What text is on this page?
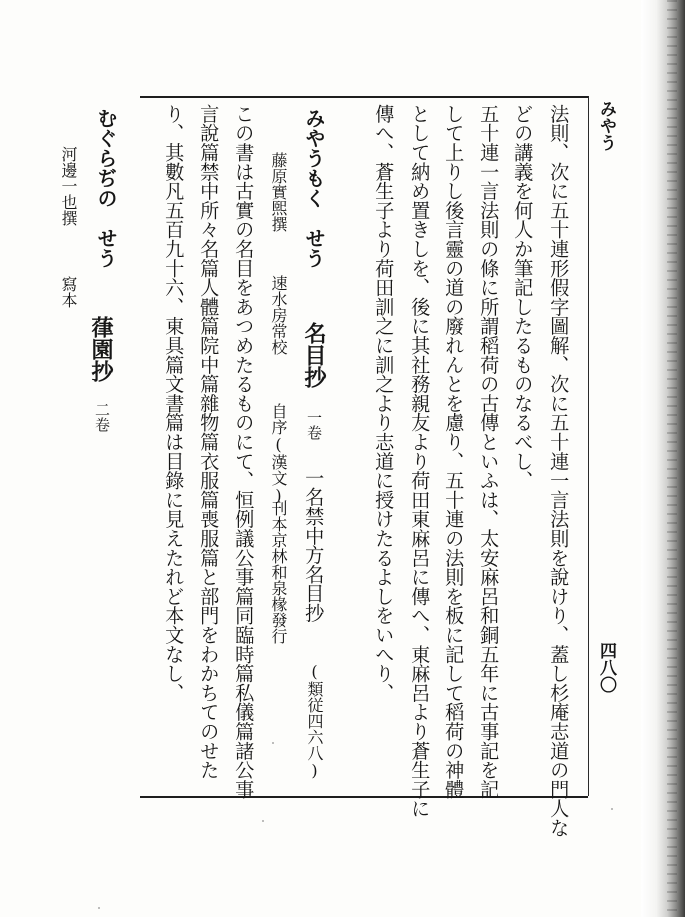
みやう
四八〇
法則、次に五十連形假字圖解、次に五十連一言法則を說けり、蓋し杉庵志道の門人な
どの講義を何人か筆記したるものなるべし、
五十連一言法則の條に所謂稻荷の古傳といふは、太安麻呂和銅五年に古事記を記
して上りし後言靈の道の廢れんとを慮り、五十連の法則を板に記して稻荷の神體
として納め置きしを、後に其社務親友より荷田東麻呂に傳へ、東麻呂より蒼生子に
傳へ、蒼生子より荷田訓之に訓之より志道に授けたるよしをいへり、
みやうもく　せう
名目抄
一卷
一名禁中方名目抄
(類従四六八)
藤原實煕撰
速水房常校
自序(漢文)
刊本京林和泉椽發行
この書は古實の名目をあつめたるものにて、恒例議公事篇同臨時篇私儀篇諸公事
言說篇禁中所々名篇人體篇院中篇雜物篇衣服篇喪服篇と部門をわかちてのせた
り、其數凡五百九十六、東具篇文書篇は目錄に見えたれど本文なし、
むぐらぢの　せう
葎園抄
二卷
河邊一也撰
寫本
